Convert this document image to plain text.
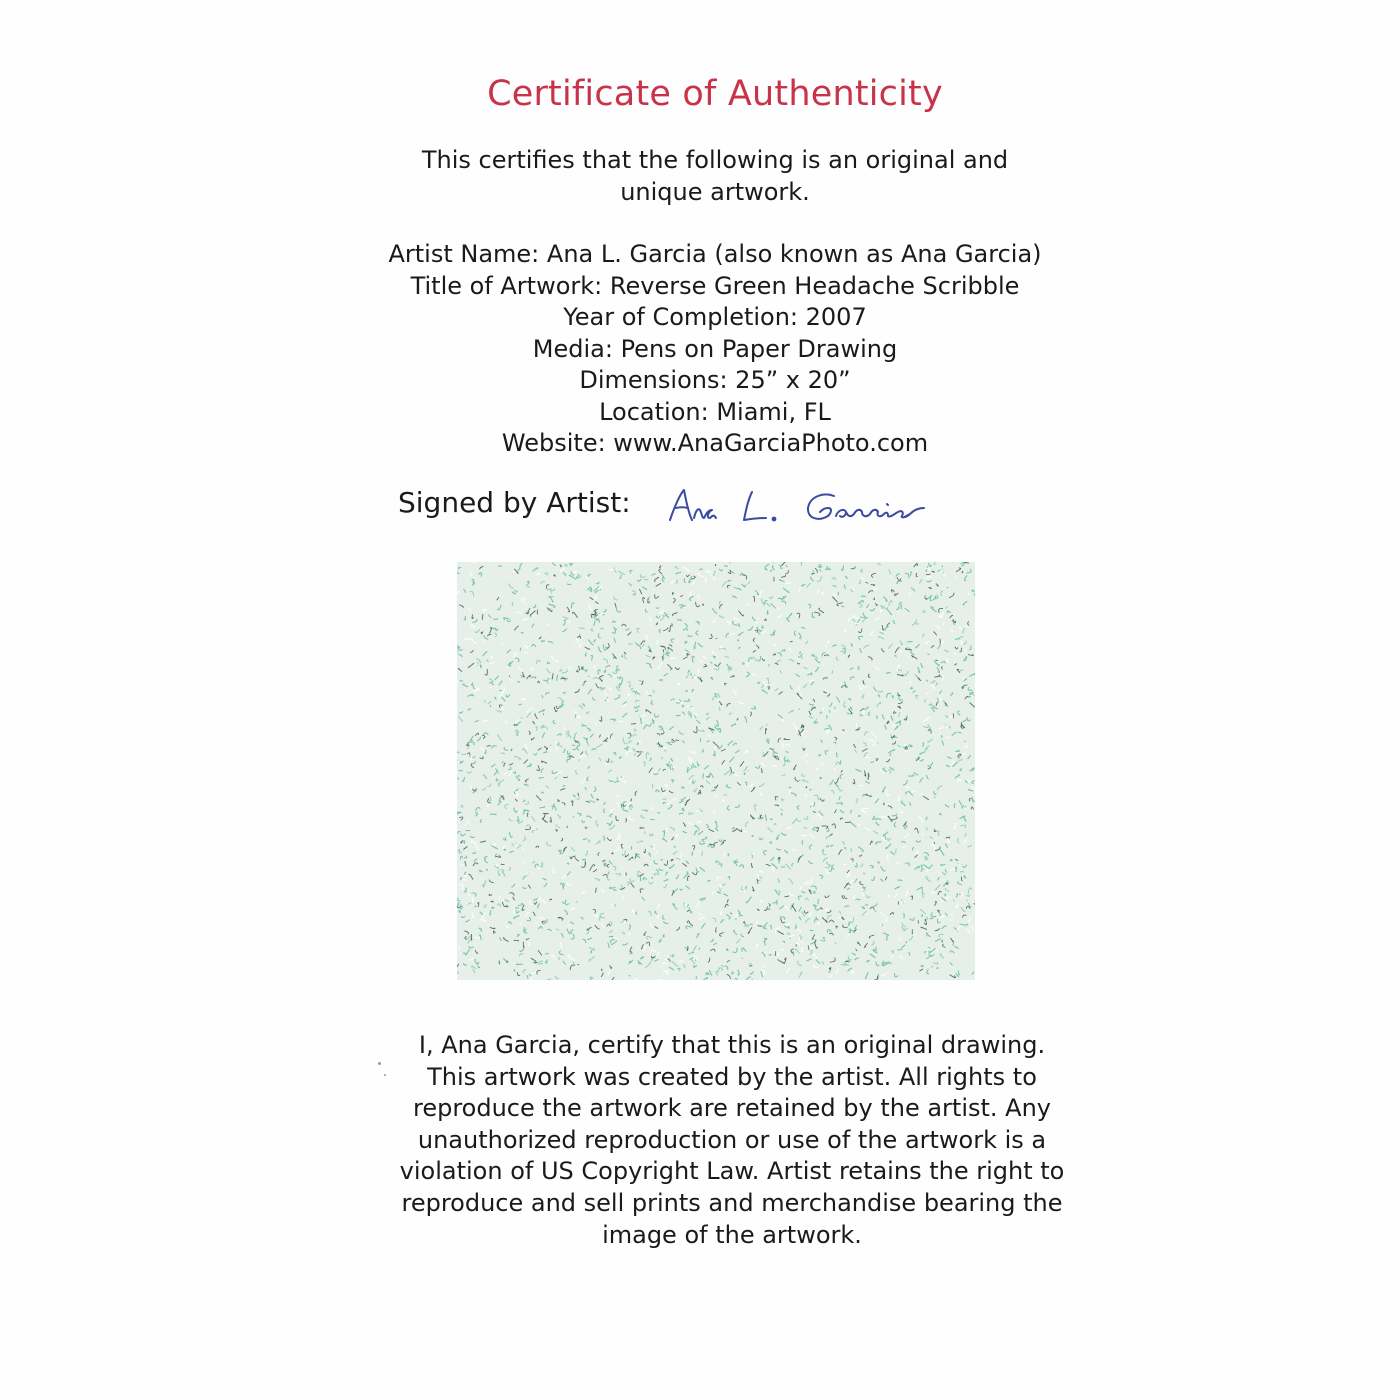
Certificate of Authenticity
This certifies that the following is an original and
unique artwork.
Artist Name: Ana L. Garcia (also known as Ana Garcia)
Title of Artwork: Reverse Green Headache Scribble
Year of Completion: 2007
Media: Pens on Paper Drawing
Dimensions: 25” x 20”
Location: Miami, FL
Website: www.AnaGarciaPhoto.com
Signed by Artist:
I, Ana Garcia, certify that this is an original drawing.
This artwork was created by the artist. All rights to
reproduce the artwork are retained by the artist. Any
unauthorized reproduction or use of the artwork is a
violation of US Copyright Law. Artist retains the right to
reproduce and sell prints and merchandise bearing the
image of the artwork.
